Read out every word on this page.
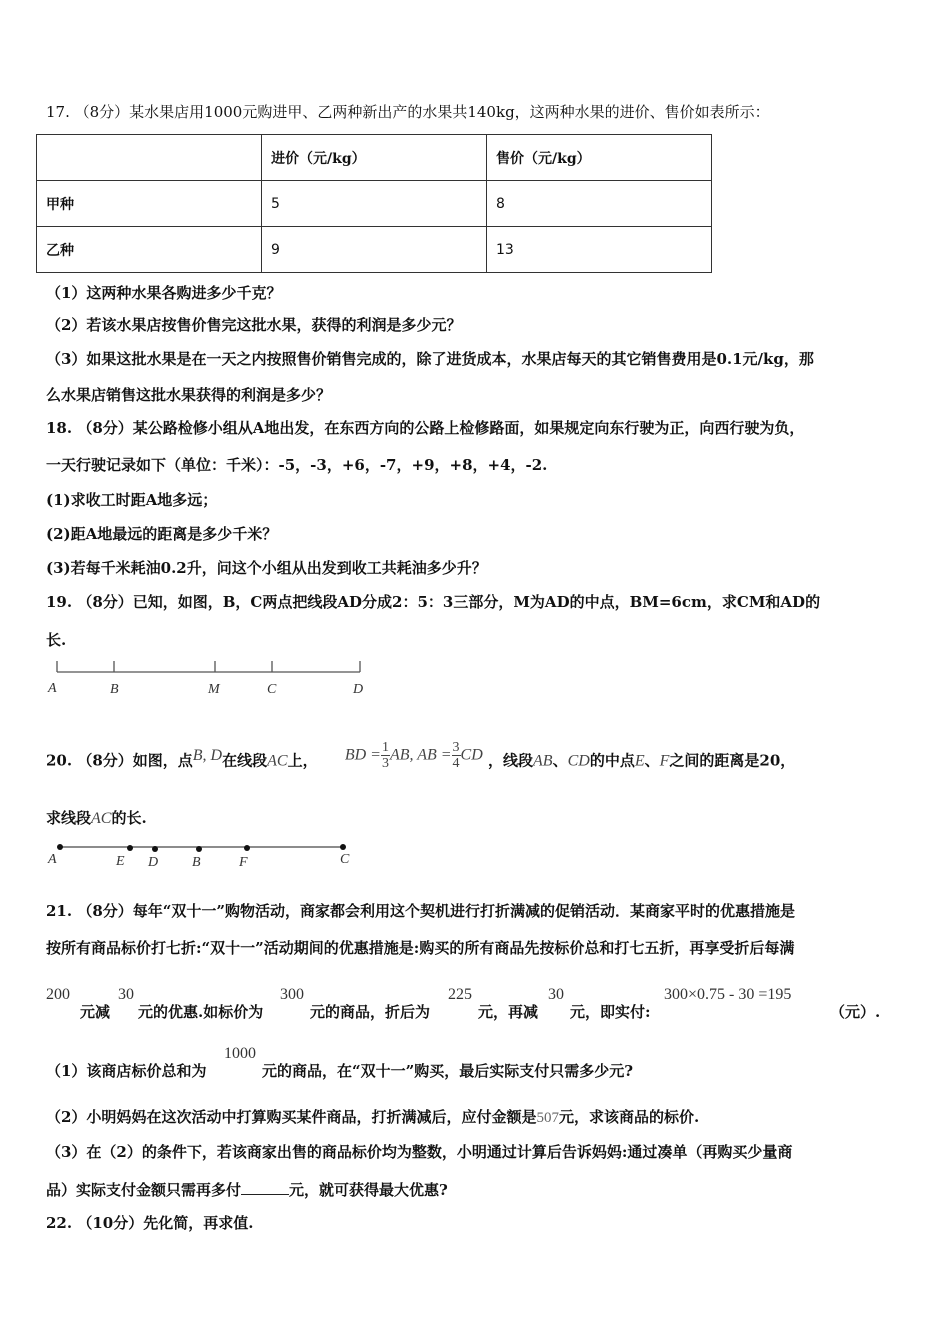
17. （8分）某水果店用1000元购进甲、乙两种新出产的水果共140kg，这两种水果的进价、售价如表所示：
	进价（元/kg）	售价（元/kg）
甲种	5	8
乙种	9	13
（1）这两种水果各购进多少千克？
（2）若该水果店按售价售完这批水果，获得的利润是多少元？
（3）如果这批水果是在一天之内按照售价销售完成的，除了进货成本，水果店每天的其它销售费用是0.1元/kg，那
么水果店销售这批水果获得的利润是多少？
18. （8分）某公路检修小组从A地出发，在东西方向的公路上检修路面，如果规定向东行驶为正，向西行驶为负，
一天行驶记录如下（单位：千米）：-5，-3，+6，-7，+9，+8，+4，-2.
(1)求收工时距A地多远；
(2)距A地最远的距离是多少千米？
(3)若每千米耗油0.2升，问这个小组从出发到收工共耗油多少升？
19. （8分）已知，如图，B，C两点把线段AD分成2：5：3三部分，M为AD的中点，BM=6cm，求CM和AD的
长.
A	B	M	C	D
20. （8分）如图，点B, D在线段AC上， BD = $\frac{1}{3}$ AB, AB = $\frac{3}{4}$ CD ，线段AB、CD的中点E、F之间的距离是20，
求线段AC的长.
A	E D B	F	C
21. （8分）每年“双十一”购物活动，商家都会利用这个契机进行打折满减的促销活动．某商家平时的优惠措施是
按所有商品标价打七折:“双十一”活动期间的优惠措施是:购买的所有商品先按标价总和打七五折，再享受折后每满
200
元减
30
元的优惠.如标价为
300
元的商品，折后为
225
元，再减
30
元，即实付:
300×0.75 - 30 =195
（元）.
（1）该商店标价总和为
1000
元的商品，在“双十一”购买，最后实际支付只需多少元?
（2）小明妈妈在这次活动中打算购买某件商品，打折满减后，应付金额是507元，求该商品的标价.
（3）在（2）的条件下，若该商家出售的商品标价均为整数，小明通过计算后告诉妈妈:通过凑单（再购买少量商
品）实际支付金额只需再多付	元，就可获得最大优惠?
22. （10分）先化简，再求值.
